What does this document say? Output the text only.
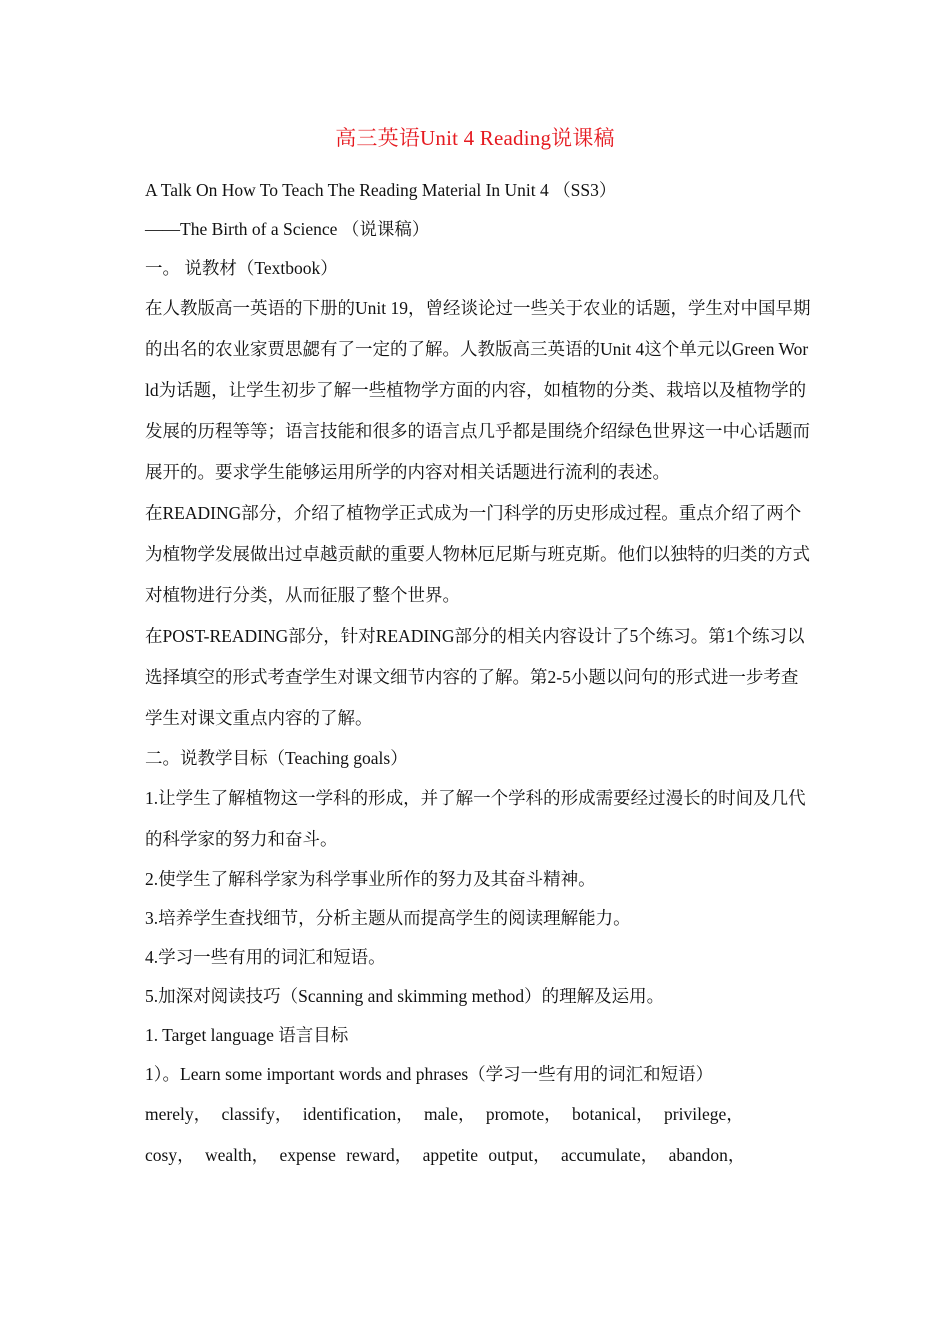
高三英语Unit 4 Reading说课稿

A Talk On How To Teach The Reading Material In Unit 4 （SS3）

——The Birth of a Science （说课稿）

一。 说教材（Textbook）

在人教版高一英语的下册的Unit 19，曾经谈论过一些关于农业的话题，学生对中国早期的出名的农业家贾思勰有了一定的了解。人教版高三英语的Unit 4这个单元以Green World为话题，让学生初步了解一些植物学方面的内容，如植物的分类、栽培以及植物学的发展的历程等等；语言技能和很多的语言点几乎都是围绕介绍绿色世界这一中心话题而展开的。要求学生能够运用所学的内容对相关话题进行流利的表述。

在READING部分，介绍了植物学正式成为一门科学的历史形成过程。重点介绍了两个为植物学发展做出过卓越贡献的重要人物林厄尼斯与班克斯。他们以独特的归类的方式对植物进行分类，从而征服了整个世界。

在POST-READING部分，针对READING部分的相关内容设计了5个练习。第1个练习以选择填空的形式考查学生对课文细节内容的了解。第2-5小题以问句的形式进一步考查学生对课文重点内容的了解。

二。说教学目标（Teaching goals）

1.让学生了解植物这一学科的形成，并了解一个学科的形成需要经过漫长的时间及几代的科学家的努力和奋斗。

2.使学生了解科学家为科学事业所作的努力及其奋斗精神。

3.培养学生查找细节，分析主题从而提高学生的阅读理解能力。

4.学习一些有用的词汇和短语。

5.加深对阅读技巧（Scanning and skimming method）的理解及运用。

1. Target language 语言目标

1）。Learn some important words and phrases（学习一些有用的词汇和短语）

merely， classify， identification， male， promote， botanical， privilege，

cosy， wealth， expense reward， appetite output， accumulate， abandon，
